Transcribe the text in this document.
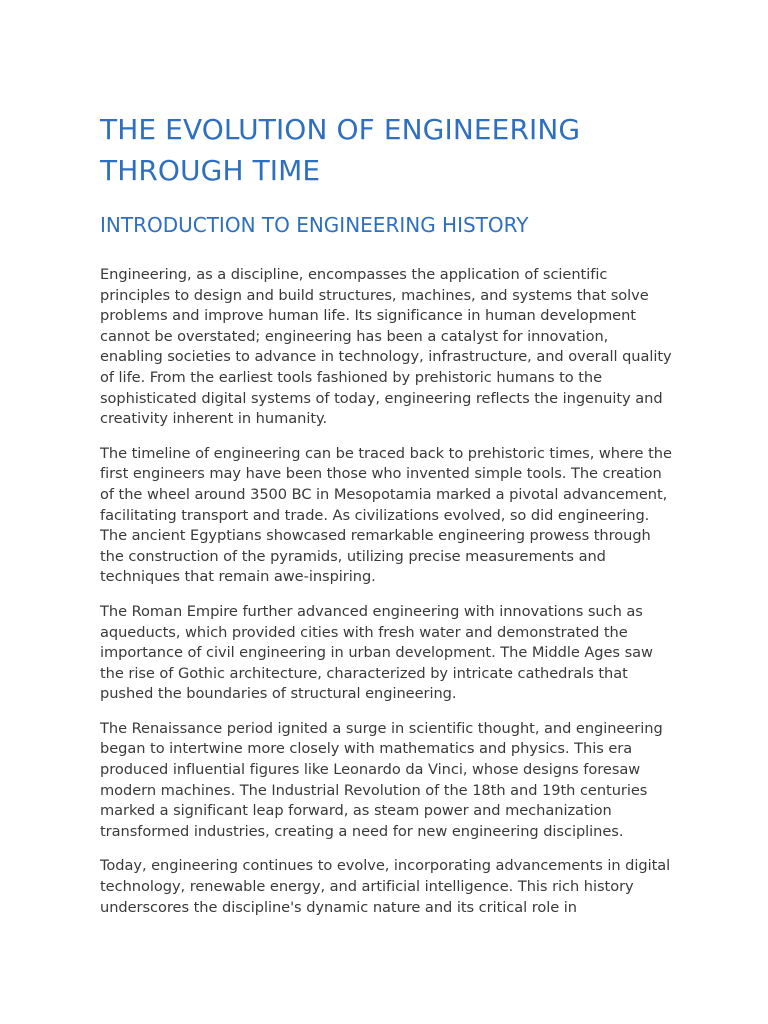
THE EVOLUTION OF ENGINEERING THROUGH TIME
INTRODUCTION TO ENGINEERING HISTORY

Engineering, as a discipline, encompasses the application of scientific principles to design and build structures, machines, and systems that solve problems and improve human life. Its significance in human development cannot be overstated; engineering has been a catalyst for innovation, enabling societies to advance in technology, infrastructure, and overall quality of life. From the earliest tools fashioned by prehistoric humans to the sophisticated digital systems of today, engineering reflects the ingenuity and creativity inherent in humanity.

The timeline of engineering can be traced back to prehistoric times, where the first engineers may have been those who invented simple tools. The creation of the wheel around 3500 BC in Mesopotamia marked a pivotal advancement, facilitating transport and trade. As civilizations evolved, so did engineering. The ancient Egyptians showcased remarkable engineering prowess through the construction of the pyramids, utilizing precise measurements and techniques that remain awe-inspiring.

The Roman Empire further advanced engineering with innovations such as aqueducts, which provided cities with fresh water and demonstrated the importance of civil engineering in urban development. The Middle Ages saw the rise of Gothic architecture, characterized by intricate cathedrals that pushed the boundaries of structural engineering.

The Renaissance period ignited a surge in scientific thought, and engineering began to intertwine more closely with mathematics and physics. This era produced influential figures like Leonardo da Vinci, whose designs foresaw modern machines. The Industrial Revolution of the 18th and 19th centuries marked a significant leap forward, as steam power and mechanization transformed industries, creating a need for new engineering disciplines.

Today, engineering continues to evolve, incorporating advancements in digital technology, renewable energy, and artificial intelligence. This rich history underscores the discipline's dynamic nature and its critical role in
